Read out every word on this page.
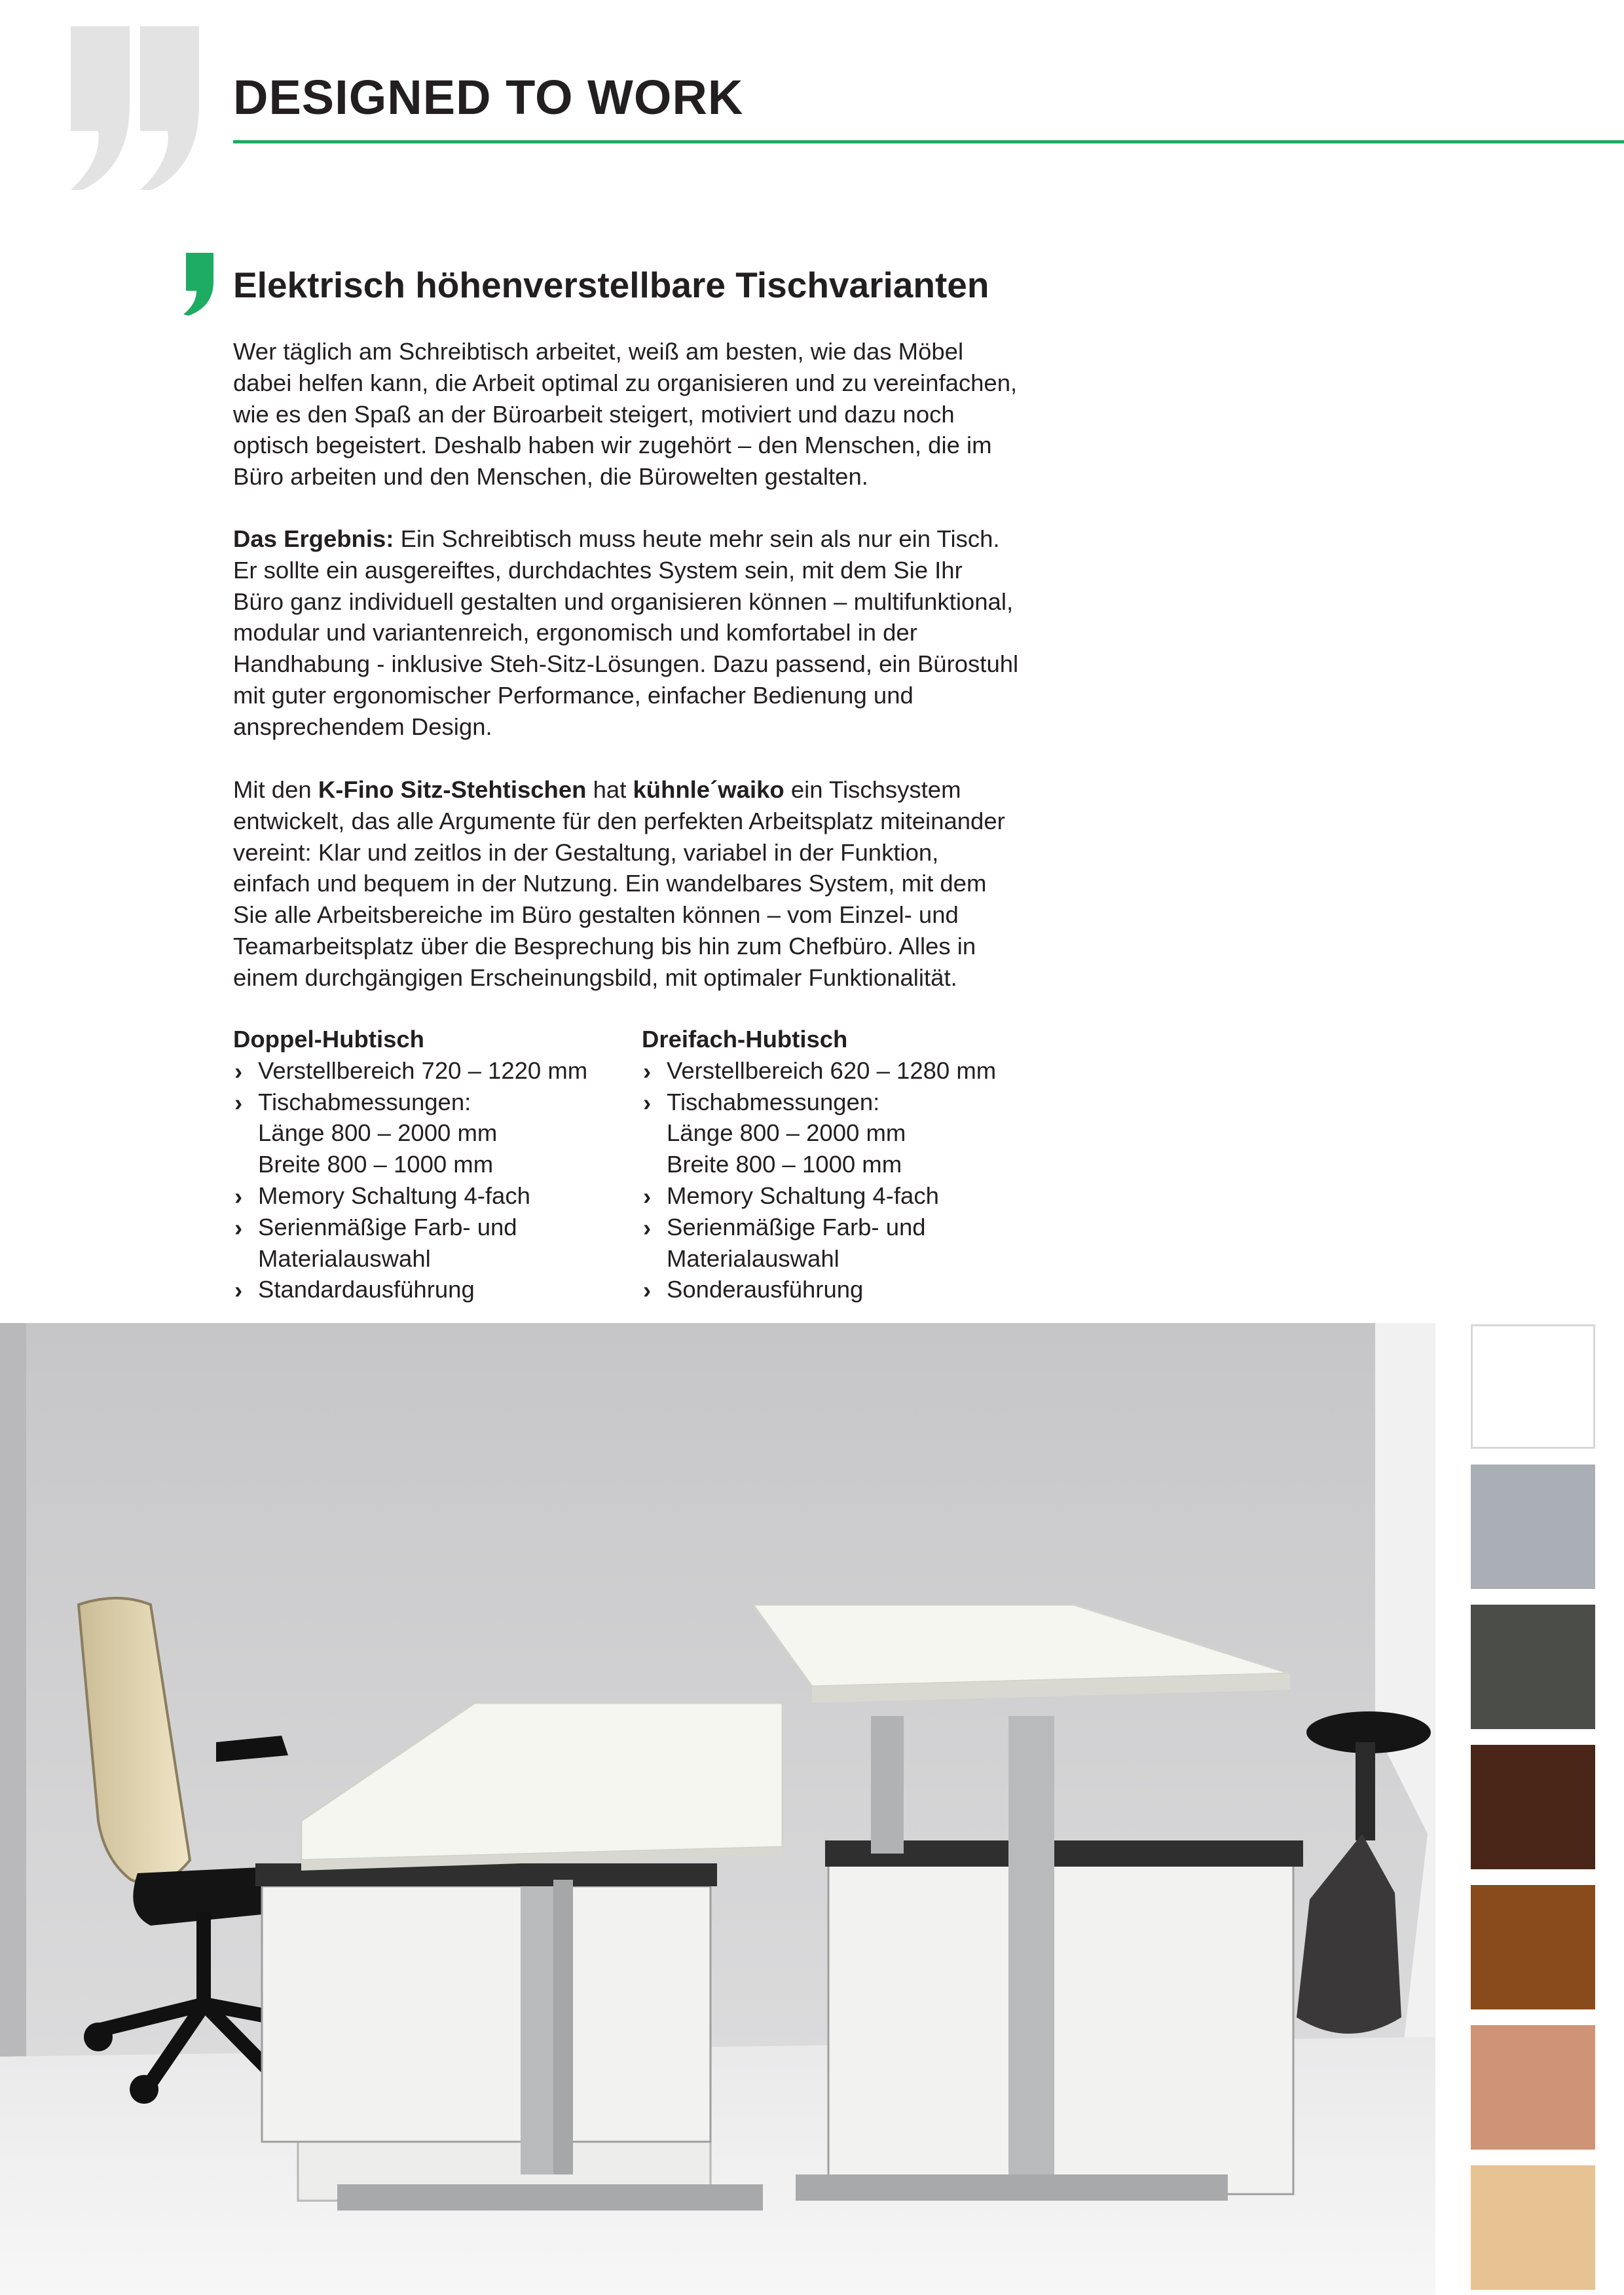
DESIGNED TO WORK
Elektrisch höhenverstellbare Tischvarianten

Wer täglich am Schreibtisch arbeitet, weiß am besten, wie das Möbel dabei helfen kann, die Arbeit optimal zu organisieren und zu vereinfachen, wie es den Spaß an der Büroarbeit steigert, motiviert und dazu noch optisch begeistert. Deshalb haben wir zugehört – den Menschen, die im Büro arbeiten und den Menschen, die Bürowelten gestalten.

Das Ergebnis: Ein Schreibtisch muss heute mehr sein als nur ein Tisch. Er sollte ein ausgereiftes, durchdachtes System sein, mit dem Sie Ihr Büro ganz individuell gestalten und organisieren können – multifunktional, modular und variantenreich, ergonomisch und komfortabel in der Handhabung - inklusive Steh-Sitz-Lösungen. Dazu passend, ein Bürostuhl mit guter ergonomischer Performance, einfacher Bedienung und ansprechendem Design.

Mit den K-Fino Sitz-Stehtischen hat kühnle´waiko ein Tischsystem entwickelt, das alle Argumente für den perfekten Arbeitsplatz miteinander vereint: Klar und zeitlos in der Gestaltung, variabel in der Funktion, einfach und bequem in der Nutzung. Ein wandelbares System, mit dem Sie alle Arbeitsbereiche im Büro gestalten können – vom Einzel- und Teamarbeitsplatz über die Besprechung bis hin zum Chefbüro. Alles in einem durchgängigen Erscheinungsbild, mit optimaler Funktionalität.

Doppel-Hubtisch
› Verstellbereich 720 – 1220 mm
› Tischabmessungen:
Länge 800 – 2000 mm
Breite 800 – 1000 mm
› Memory Schaltung 4-fach
› Serienmäßige Farb- und
Materialauswahl
› Standardausführung
Dreifach-Hubtisch
› Verstellbereich 620 – 1280 mm
› Tischabmessungen:
Länge 800 – 2000 mm
Breite 800 – 1000 mm
› Memory Schaltung 4-fach
› Serienmäßige Farb- und
Materialauswahl
› Sonderausführung
